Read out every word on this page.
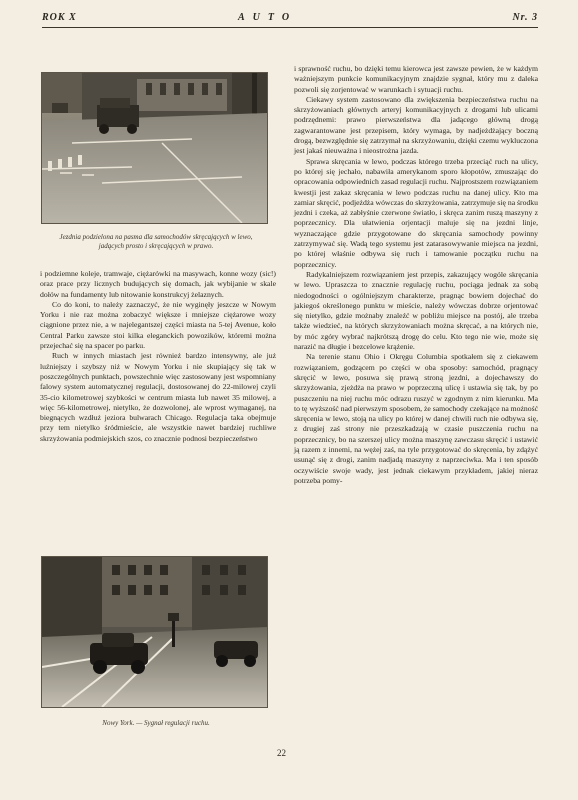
ROK X	AUTO	Nr. 3
Jezdnia podzielona na pasma dla samochodów skręcających w lewo, jadących prosto i skręcających w prawo.

i podziemne koleje, tramwaje, ciężarówki na masywach, konne wozy (sic!) oraz prace przy licznych budujących się domach, jak wybijanie w skale dołów na fundamenty lub nitowanie konstrukcyj żelaznych.

Co do koni, to należy zaznaczyć, że nie wyginęły jeszcze w Nowym Yorku i nie raz można zobaczyć większe i mniejsze ciężarowe wozy ciągnione przez nie, a w najelegantszej części miasta na 5-tej Avenue, koło Central Parku zawsze stoi kilka eleganckich powozików, któremi można przejechać się na spacer po parku.

Ruch w innych miastach jest również bardzo intensywny, ale już luźniejszy i szybszy niż w Nowym Yorku i nie skupiający się tak w poszczególnych punktach, powszechnie więc zastosowany jest wspomniany falowy system automatycznej regulacji, dostosowanej do 22-milowej czyli 35-cio kilometrowej szybkości w centrum miasta lub nawet 35 milowej, a więc 56-kilometrowej, nietylko, że dozwolonej, ale wprost wymaganej, na biegnących wzdłuż jeziora bulwarach Chicago. Regulacja taka obejmuje przy tem nietylko śródmieście, ale wszystkie nawet bardziej ruchliwe skrzyżowania podmiejskich szos, co znacznie podnosi bezpieczeństwo

Nowy York. — Sygnał regulacji ruchu.

i sprawność ruchu, bo dzięki temu kierowca jest zawsze pewien, że w każdym ważniejszym punkcie komunikacyjnym znajdzie sygnał, który mu z daleka pozwoli się zorjentować w warunkach i sytuacji ruchu.

Ciekawy system zastosowano dla zwiększenia bezpieczeństwa ruchu na skrzyżowaniach głównych arteryj komunikacyjnych z drogami lub ulicami podrzędnemi: prawo pierwszeństwa dla jadącego główną drogą zagwarantowane jest przepisem, który wymaga, by nadjeżdżający boczną drogą, bezwzględnie się zatrzymał na skrzyżowaniu, dzięki czemu wykluczona jest jakaś nieuważna i nieostrożna jazda.

Sprawa skręcania w lewo, podczas którego trzeba przeciąć ruch na ulicy, po której się jechało, nabawiła amerykanom sporo kłopotów, zmuszając do opracowania odpowiednich zasad regulacji ruchu. Najprostszem rozwiązaniem kwestji jest zakaz skręcania w lewo podczas ruchu na danej ulicy. Kto ma zamiar skręcić, podjeżdża wówczas do skrzyżowania, zatrzymuje się na środku jezdni i czeka, aż zabłyśnie czerwone światło, i skręca zanim ruszą maszyny z poprzecznicy. Dla ułatwienia orjentacji maluje się na jezdni linje, wyznaczające gdzie przygotowane do skręcania samochody powinny zatrzymywać się. Wadą tego systemu jest zatarasowywanie miejsca na jezdni, po której właśnie odbywa się ruch i tamowanie początku ruchu na poprzecznicy.

Radykalniejszem rozwiązaniem jest przepis, zakazujący wogóle skręcania w lewo. Upraszcza to znacznie regulację ruchu, pociąga jednak za sobą niedogodności o ogólniejszym charakterze, pragnąc bowiem dojechać do jakiegoś określonego punktu w mieście, należy wówczas dobrze orjentować się nietylko, gdzie możnaby znaleźć w pobliżu miejsce na postój, ale trzeba także wiedzieć, na których skrzyżowaniach można skręcać, a na których nie, by móc zgóry wybrać najkrótszą drogę do celu. Kto tego nie wie, może się narazić na długie i bezcelowe krążenie.

Na terenie stanu Ohio i Okręgu Columbia spotkałem się z ciekawem rozwiązaniem, godzącem po części w oba sposoby: samochód, pragnący skręcić w lewo, posuwa się prawą stroną jezdni, a dojechawszy do skrzyżowania, zjeżdża na prawo w poprzeczną ulicę i ustawia się tak, by po puszczeniu na niej ruchu móc odrazu ruszyć w zgodnym z nim kierunku. Ma to tę wyższość nad pierwszym sposobem, że samochody czekające na możność skręcenia w lewo, stoją na ulicy po której w danej chwili ruch nie odbywa się, z drugiej zaś strony nie przeszkadzają w czasie puszczenia ruchu na poprzecznicy, bo na szerszej ulicy można maszynę zawczasu skręcić i ustawić ją razem z innemi, na wężej zaś, na tyle przygotować do skręcenia, by zdążyć usunąć się z drogi, zanim nadjadą maszyny z naprzeciwka. Ma i ten sposób oczywiście swoje wady, jest jednak ciekawym przykładem, jakiej nieraz potrzeba pomy-

22
